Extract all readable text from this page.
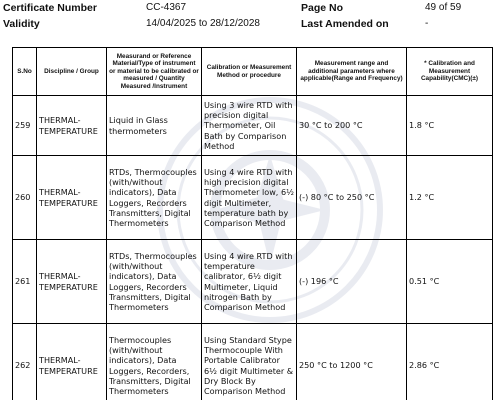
Certificate Number	CC-4367	Page No	49 of 59
Validity	14/04/2025 to 28/12/2028	Last Amended on	-
S.No	Discipline / Group	Measurand or Reference Material/Type of instrument or material to be calibrated or measured / Quantity Measured /Instrument	Calibration or Measurement Method or procedure	Measurement range and additional parameters where applicable(Range and Frequency)	* Calibration and Measurement Capability(CMC)(±)
259	THERMAL-TEMPERATURE	Liquid in Glass thermometers	Using 3 wire RTD with precision digital Thermometer, Oil Bath by Comparison Method	30 °C to 200 °C	1.8 °C
260	THERMAL-TEMPERATURE	RTDs, Thermocouples (with/without indicators), Data Loggers, Recorders Transmitters, Digital Thermometers	Using 4 wire RTD with high precision digital Thermometer low, 6½ digit Multimeter, temperature bath by Comparison Method	(-) 80 °C to 250 °C	1.2 °C
261	THERMAL-TEMPERATURE	RTDs, Thermocouples (with/without indicators), Data Loggers, Recorders Transmitters, Digital Thermometers	Using 4 wire RTD with temperature calibrator, 6½ digit Multimeter, Liquid nitrogen Bath by Comparison Method	(-) 196 °C	0.51 °C
262	THERMAL-TEMPERATURE	Thermocouples (with/without indicators), Data Loggers, Recorders, Transmitters, Digital Thermometers	Using Standard Stype Thermocouple With Portable Calibrator 6½ digit Multimeter & Dry Block By Comparison Method	250 °C to 1200 °C	2.86 °C
